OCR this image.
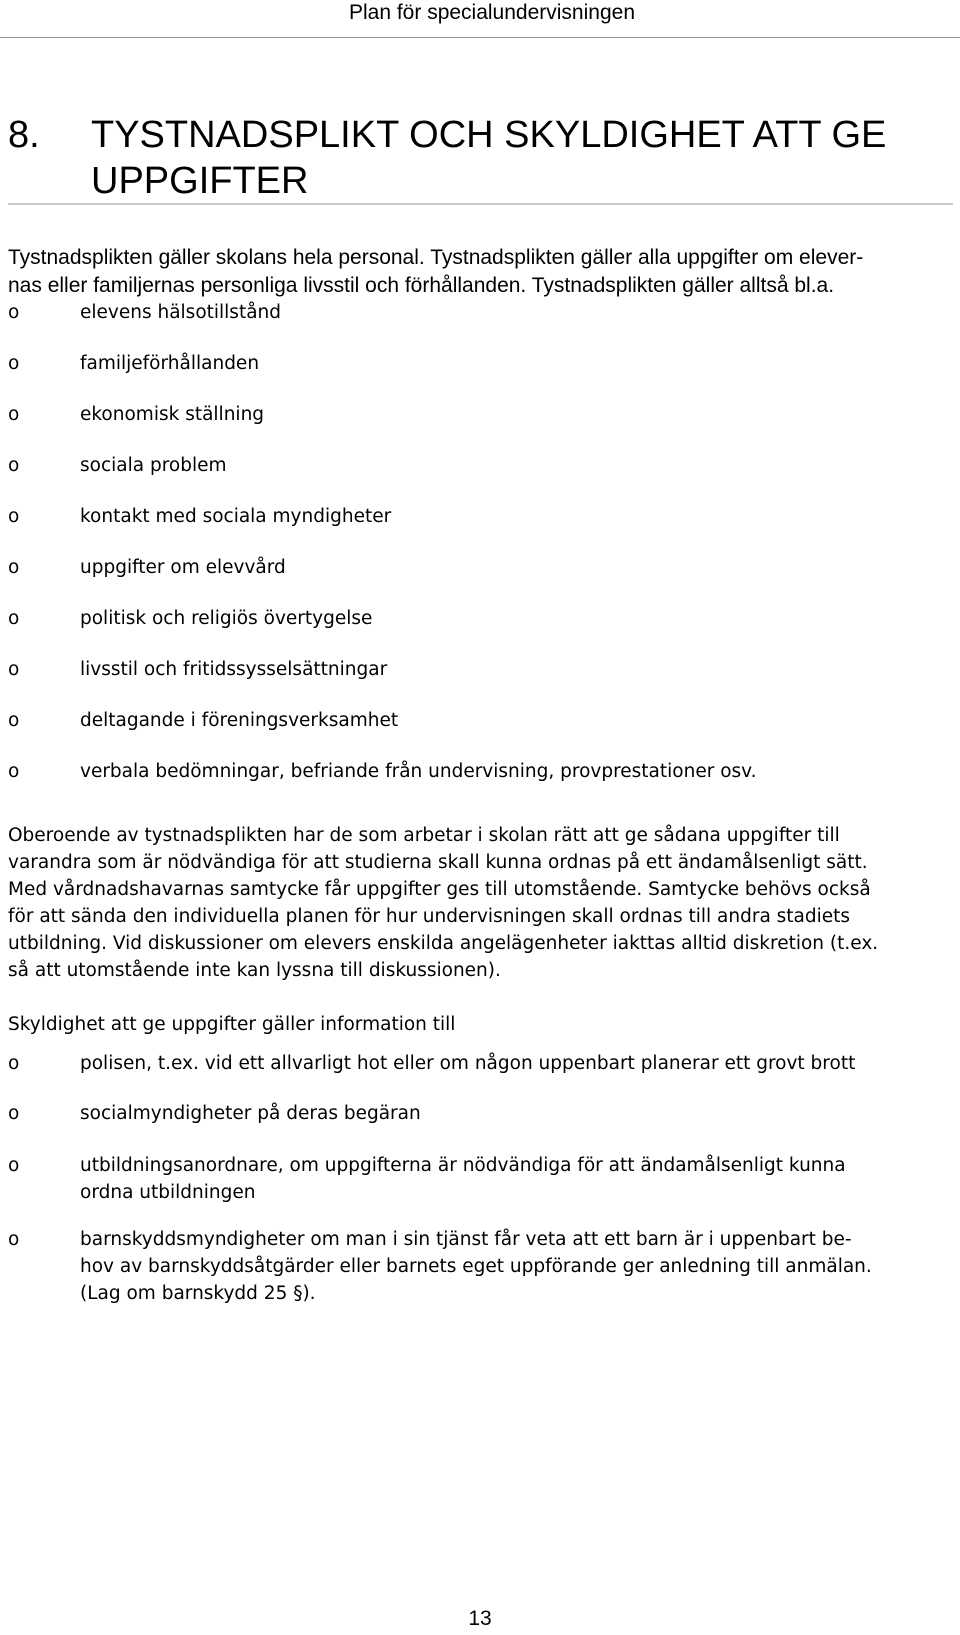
Plan för specialundervisningen
8. TYSTNADSPLIKT OCH SKYLDIGHET ATT GE
UPPGIFTER

Tystnadsplikten gäller skolans hela personal. Tystnadsplikten gäller alla uppgifter om elever-
nas eller familjernas personliga livsstil och förhållanden. Tystnadsplikten gäller alltså bl.a.

o	elevens hälsotillstånd
o	familjeförhållanden
o	ekonomisk ställning
o	sociala problem
o	kontakt med sociala myndigheter
o	uppgifter om elevvård
o	politisk och religiös övertygelse
o	livsstil och fritidssysselsättningar
o	deltagande i föreningsverksamhet
o	verbala bedömningar, befriande från undervisning, provprestationer osv.

Oberoende av tystnadsplikten har de som arbetar i skolan rätt att ge sådana uppgifter till
varandra som är nödvändiga för att studierna skall kunna ordnas på ett ändamålsenligt sätt.
Med vårdnadshavarnas samtycke får uppgifter ges till utomstående. Samtycke behövs också
för att sända den individuella planen för hur undervisningen skall ordnas till andra stadiets
utbildning. Vid diskussioner om elevers enskilda angelägenheter iakttas alltid diskretion (t.ex.
så att utomstående inte kan lyssna till diskussionen).

Skyldighet att ge uppgifter gäller information till

o	polisen, t.ex. vid ett allvarligt hot eller om någon uppenbart planerar ett grovt brott
o	socialmyndigheter på deras begäran
o	utbildningsanordnare, om uppgifterna är nödvändiga för att ändamålsenligt kunna
ordna utbildningen
o	barnskyddsmyndigheter om man i sin tjänst får veta att ett barn är i uppenbart be-
hov av barnskyddsåtgärder eller barnets eget uppförande ger anledning till anmälan.
(Lag om barnskydd 25 §).
13
